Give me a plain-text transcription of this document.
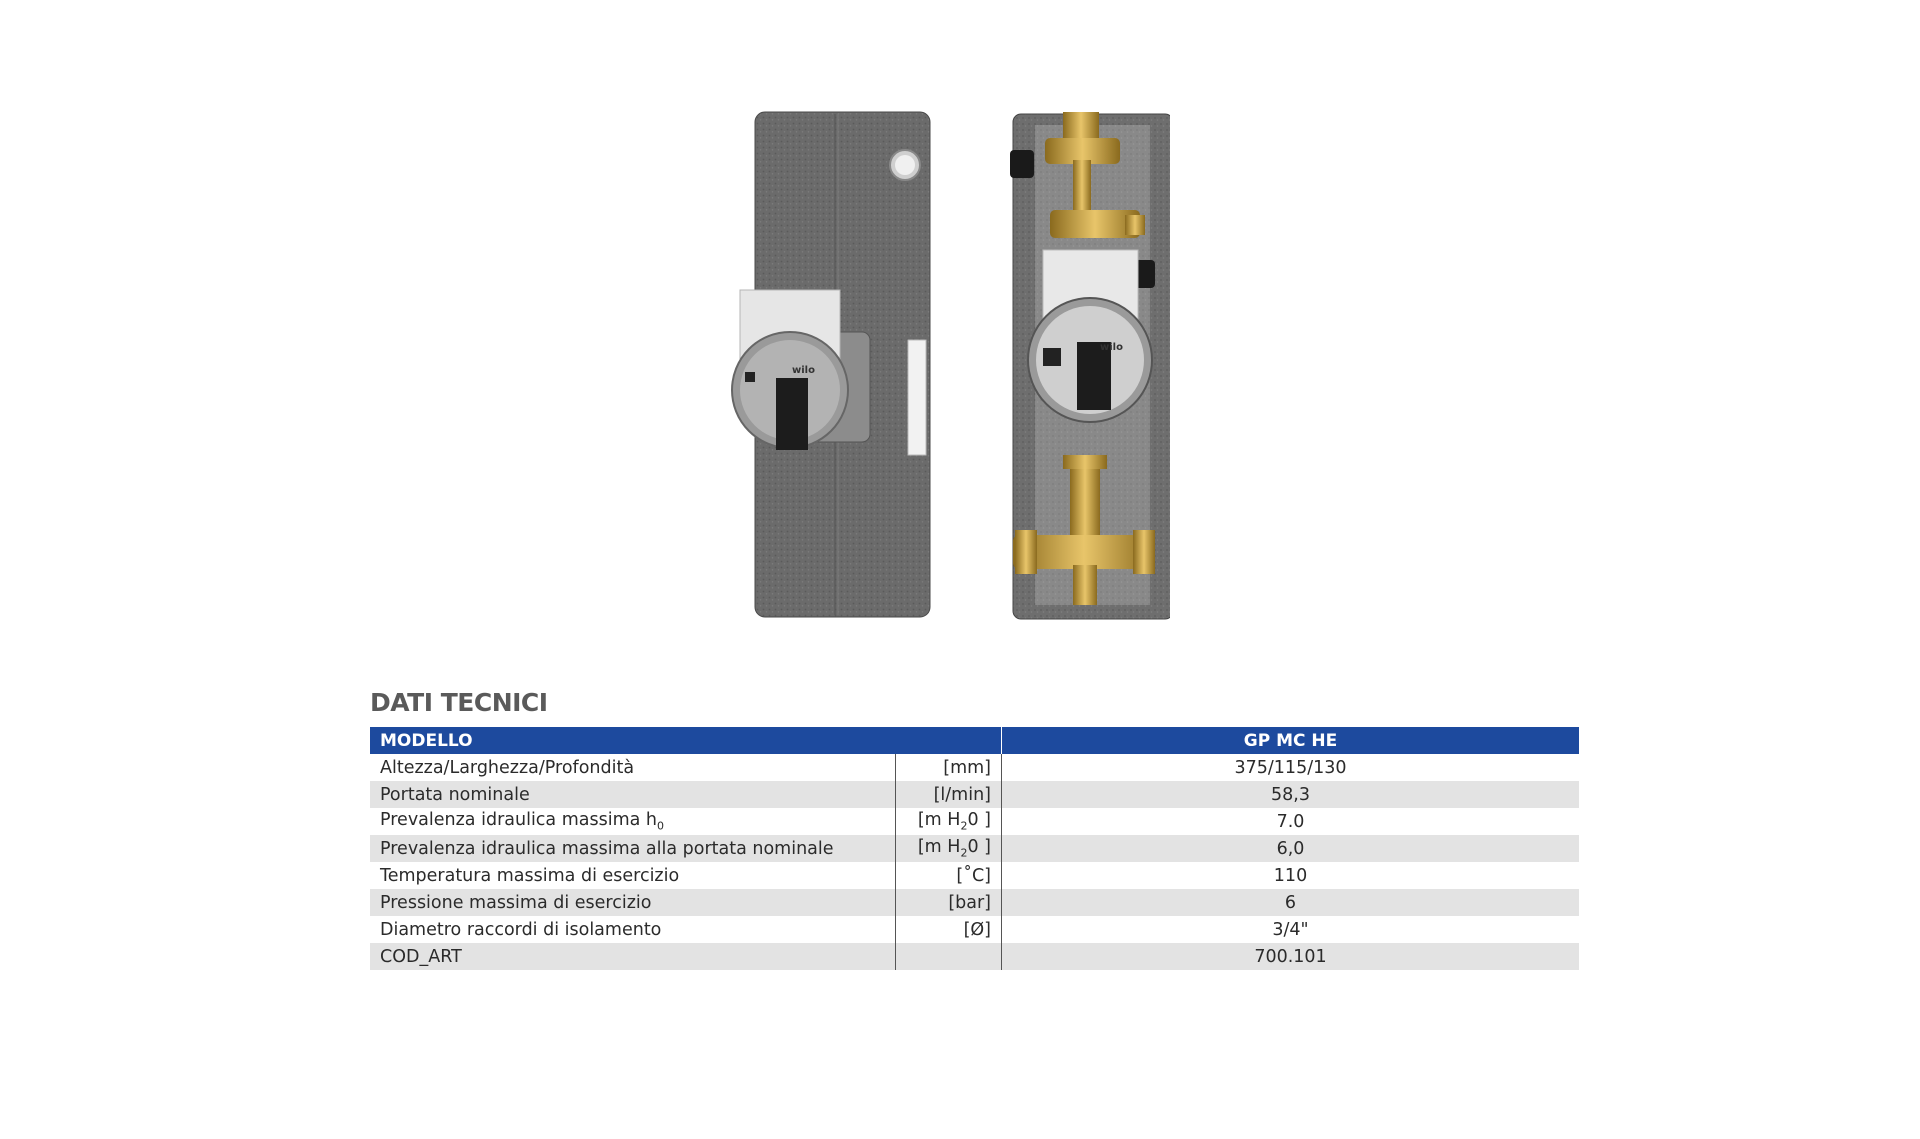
wilo
wilo
DATI TECNICI
MODELLO		GP MC HE
Altezza/Larghezza/Profondità	[mm]	375/115/130
Portata nominale	[l/min]	58,3
Prevalenza idraulica massima $h_0$	[m $H_20$ ]	7.0
Prevalenza idraulica massima alla portata nominale	[m $H_20$ ]	6,0
Temperatura massima di esercizio	[˚C]	110
Pressione massima di esercizio	[bar]	6
Diametro raccordi di isolamento	[Ø]	3/4"
COD_ART		700.101
